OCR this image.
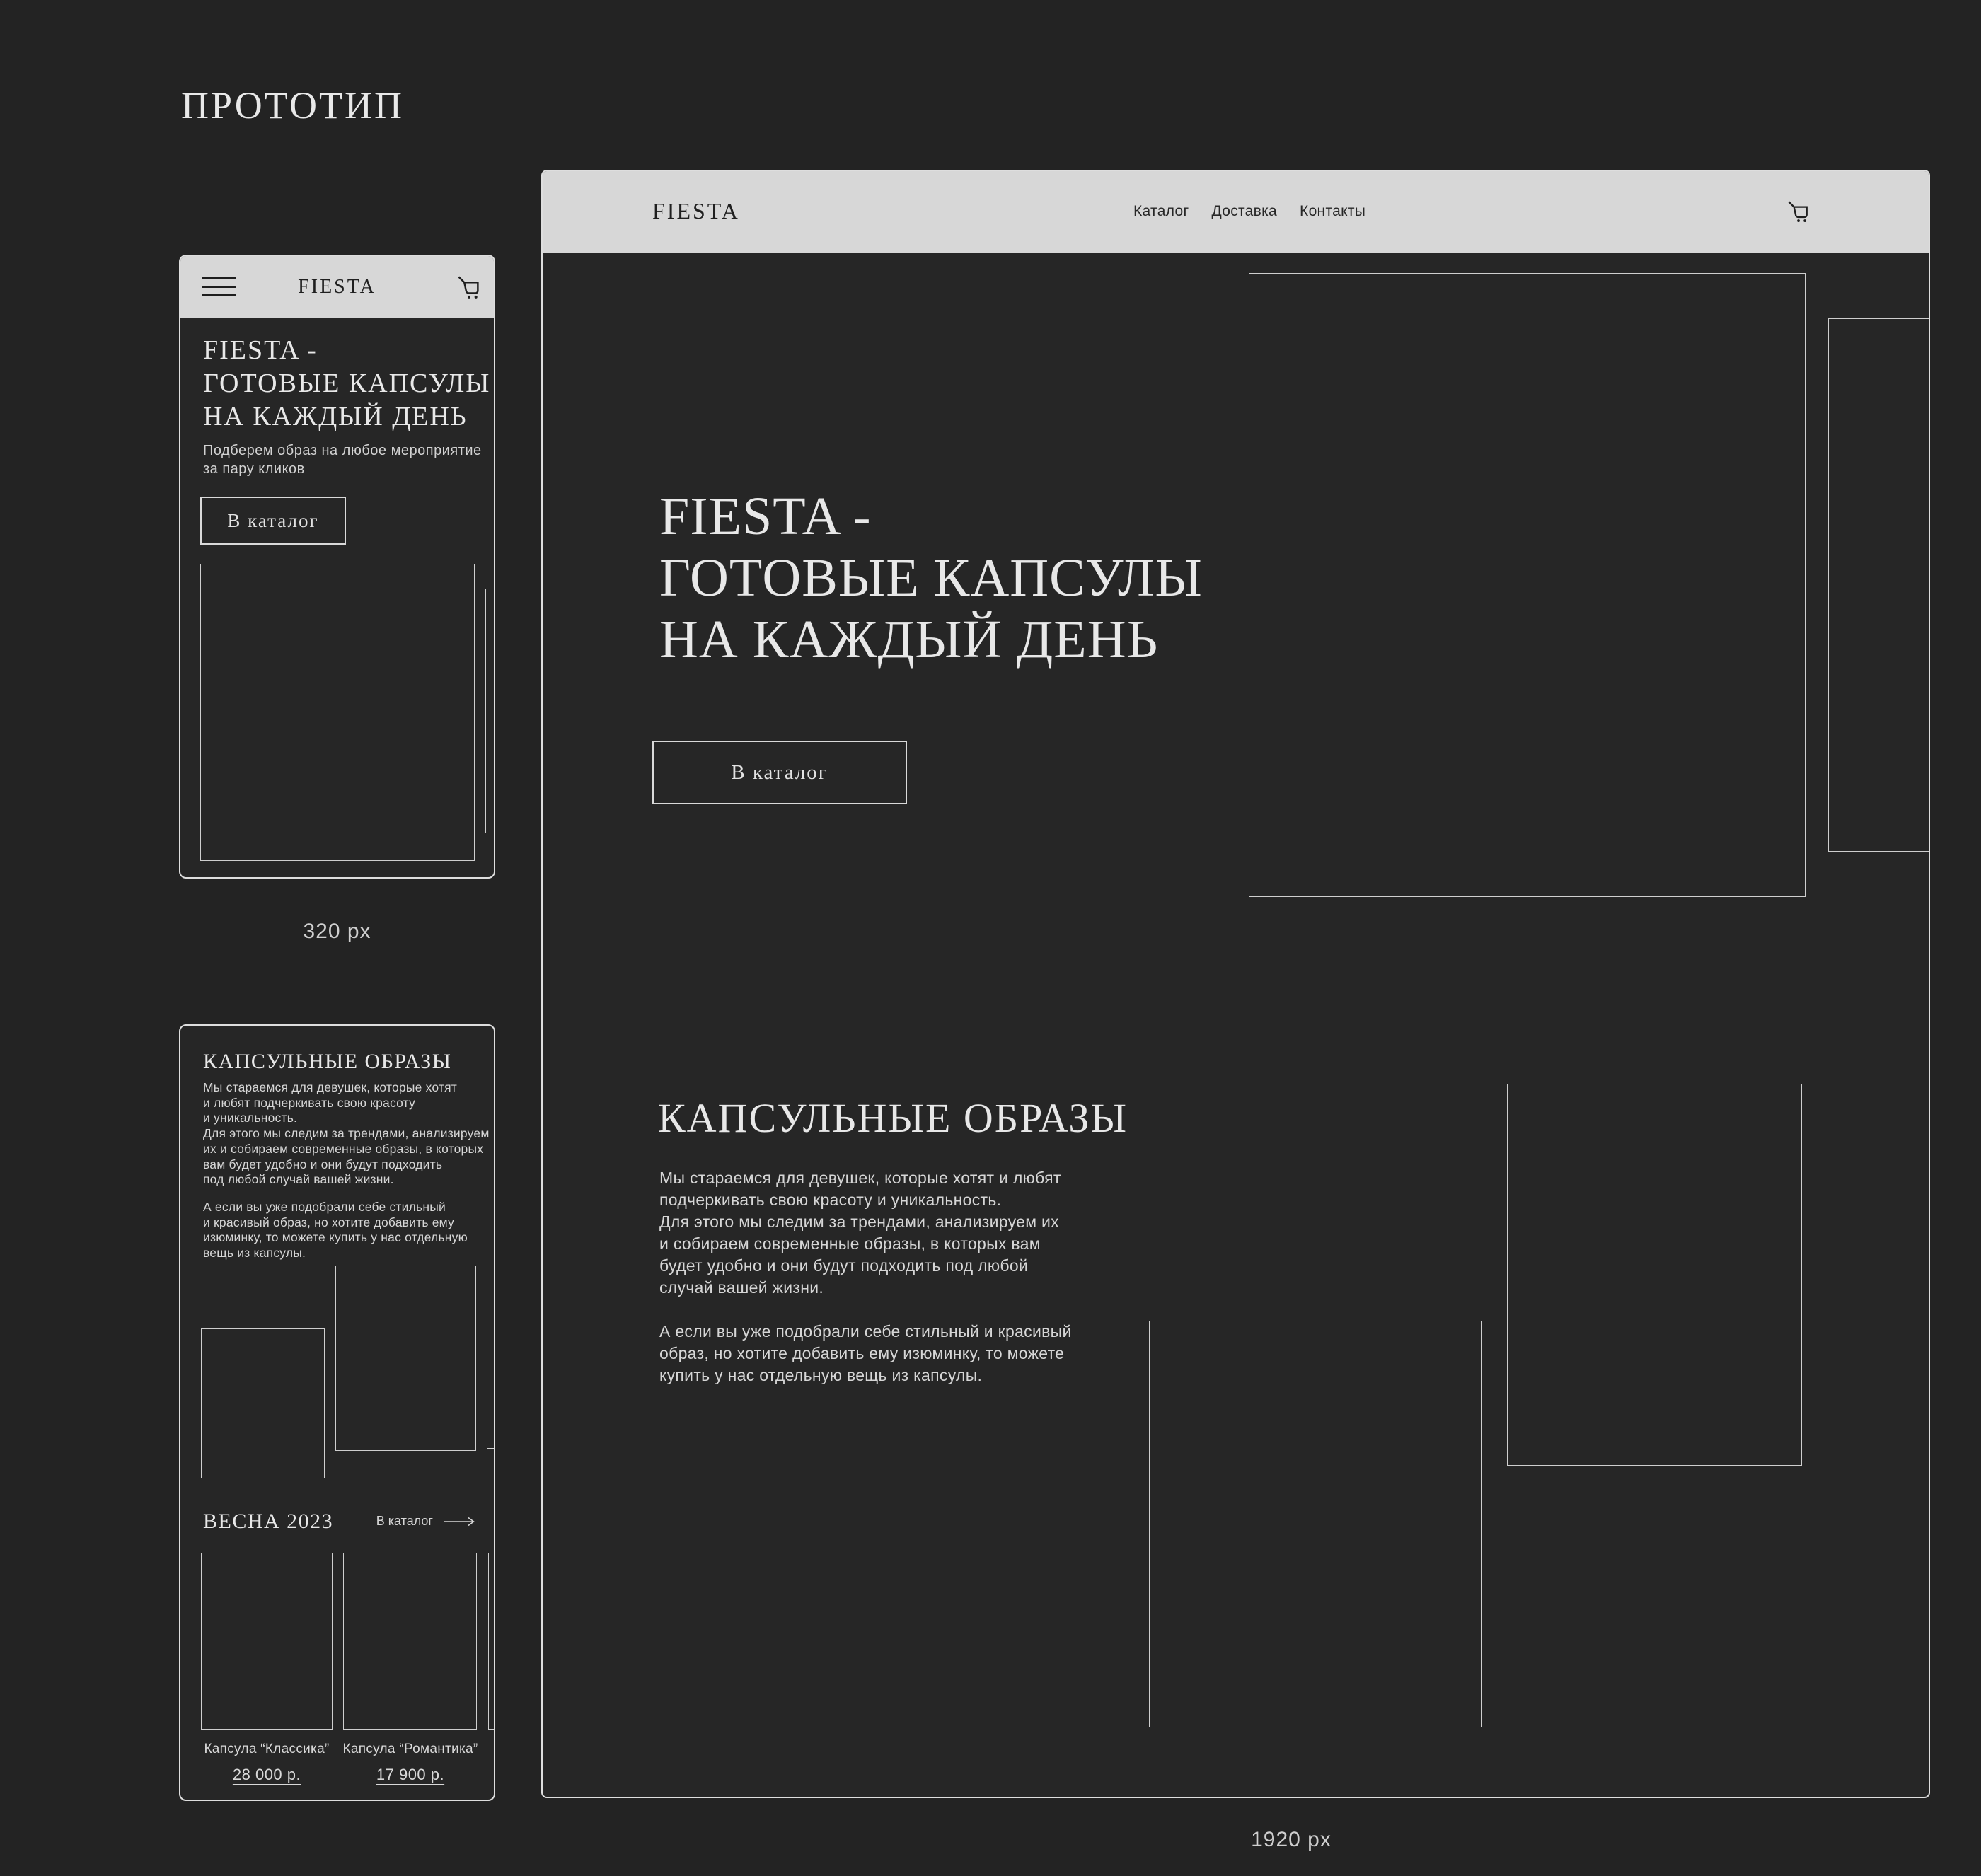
ПРОТОТИП
FIESTA
FIESTA -
ГОТОВЫЕ КАПСУЛЫ
НА КАЖДЫЙ ДЕНЬ
Подберем образ на любое мероприятие
за пару кликов
В каталог
320 px
КАПСУЛЬНЫЕ ОБРАЗЫ
Мы стараемся для девушек, которые хотят
и любят подчеркивать свою красоту
и уникальность.
Для этого мы следим за трендами, анализируем
их и собираем современные образы, в которых
вам будет удобно и они будут подходить
под любой случай вашей жизни.
А если вы уже подобрали себе стильный
и красивый образ, но хотите добавить ему
изюминку, то можете купить у нас отдельную
вещь из капсулы.
ВЕСНА 2023	В каталог
Капсула “Классика”
28 000 р.
Капсула “Романтика”
17 900 р.
FIESTA	Каталог Доставка Контакты
FIESTA -
ГОТОВЫЕ КАПСУЛЫ
НА КАЖДЫЙ ДЕНЬ
В каталог
КАПСУЛЬНЫЕ ОБРАЗЫ
Мы стараемся для девушек, которые хотят и любят
подчеркивать свою красоту и уникальность.
Для этого мы следим за трендами, анализируем их
и собираем современные образы, в которых вам
будет удобно и они будут подходить под любой
случай вашей жизни.
А если вы уже подобрали себе стильный и красивый
образ, но хотите добавить ему изюминку, то можете
купить у нас отдельную вещь из капсулы.
1920 px
